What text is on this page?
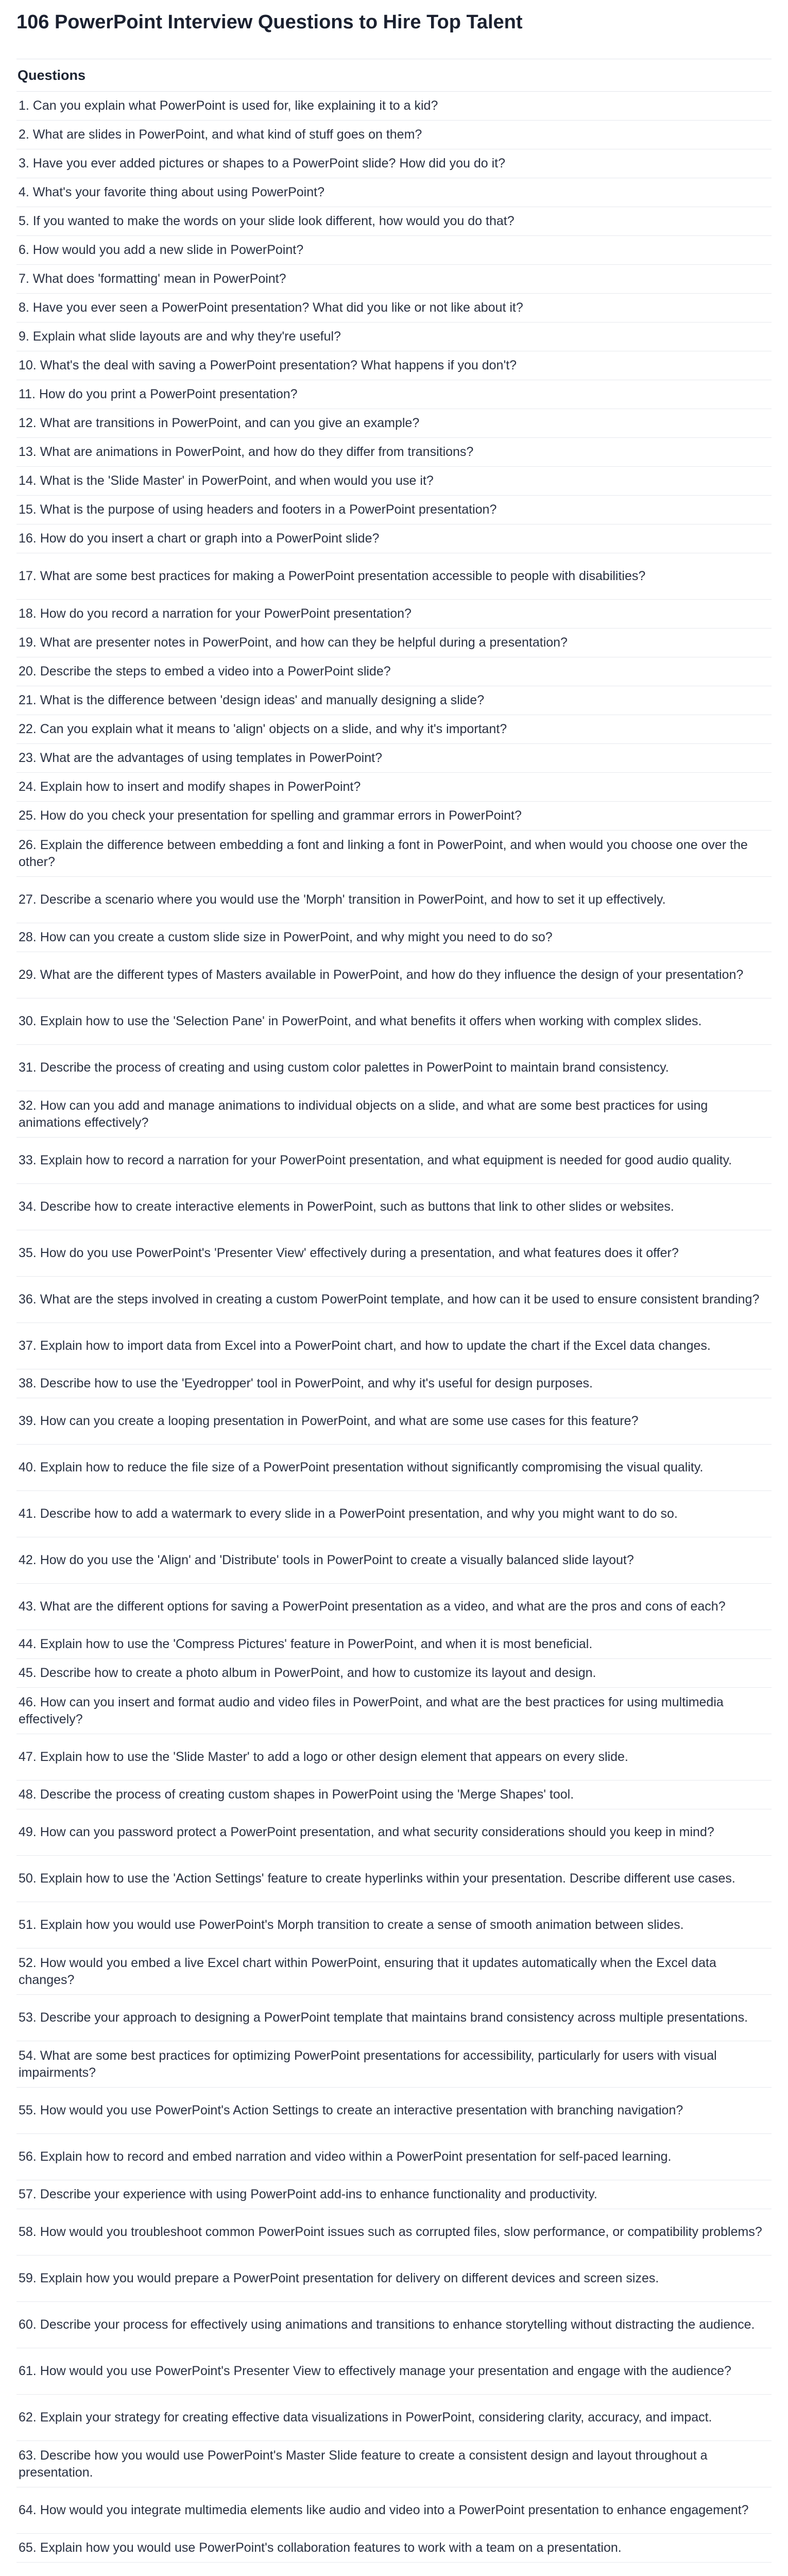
106 PowerPoint Interview Questions to Hire Top Talent
Questions
1. Can you explain what PowerPoint is used for, like explaining it to a kid?
2. What are slides in PowerPoint, and what kind of stuff goes on them?
3. Have you ever added pictures or shapes to a PowerPoint slide? How did you do it?
4. What's your favorite thing about using PowerPoint?
5. If you wanted to make the words on your slide look different, how would you do that?
6. How would you add a new slide in PowerPoint?
7. What does 'formatting' mean in PowerPoint?
8. Have you ever seen a PowerPoint presentation? What did you like or not like about it?
9. Explain what slide layouts are and why they're useful?
10. What's the deal with saving a PowerPoint presentation? What happens if you don't?
11. How do you print a PowerPoint presentation?
12. What are transitions in PowerPoint, and can you give an example?
13. What are animations in PowerPoint, and how do they differ from transitions?
14. What is the 'Slide Master' in PowerPoint, and when would you use it?
15. What is the purpose of using headers and footers in a PowerPoint presentation?
16. How do you insert a chart or graph into a PowerPoint slide?
17. What are some best practices for making a PowerPoint presentation accessible to people with disabilities?
18. How do you record a narration for your PowerPoint presentation?
19. What are presenter notes in PowerPoint, and how can they be helpful during a presentation?
20. Describe the steps to embed a video into a PowerPoint slide?
21. What is the difference between 'design ideas' and manually designing a slide?
22. Can you explain what it means to 'align' objects on a slide, and why it's important?
23. What are the advantages of using templates in PowerPoint?
24. Explain how to insert and modify shapes in PowerPoint?
25. How do you check your presentation for spelling and grammar errors in PowerPoint?
26. Explain the difference between embedding a font and linking a font in PowerPoint, and when would you choose one over the other?
27. Describe a scenario where you would use the 'Morph' transition in PowerPoint, and how to set it up effectively.
28. How can you create a custom slide size in PowerPoint, and why might you need to do so?
29. What are the different types of Masters available in PowerPoint, and how do they influence the design of your presentation?
30. Explain how to use the 'Selection Pane' in PowerPoint, and what benefits it offers when working with complex slides.
31. Describe the process of creating and using custom color palettes in PowerPoint to maintain brand consistency.
32. How can you add and manage animations to individual objects on a slide, and what are some best practices for using animations effectively?
33. Explain how to record a narration for your PowerPoint presentation, and what equipment is needed for good audio quality.
34. Describe how to create interactive elements in PowerPoint, such as buttons that link to other slides or websites.
35. How do you use PowerPoint's 'Presenter View' effectively during a presentation, and what features does it offer?
36. What are the steps involved in creating a custom PowerPoint template, and how can it be used to ensure consistent branding?
37. Explain how to import data from Excel into a PowerPoint chart, and how to update the chart if the Excel data changes.
38. Describe how to use the 'Eyedropper' tool in PowerPoint, and why it's useful for design purposes.
39. How can you create a looping presentation in PowerPoint, and what are some use cases for this feature?
40. Explain how to reduce the file size of a PowerPoint presentation without significantly compromising the visual quality.
41. Describe how to add a watermark to every slide in a PowerPoint presentation, and why you might want to do so.
42. How do you use the 'Align' and 'Distribute' tools in PowerPoint to create a visually balanced slide layout?
43. What are the different options for saving a PowerPoint presentation as a video, and what are the pros and cons of each?
44. Explain how to use the 'Compress Pictures' feature in PowerPoint, and when it is most beneficial.
45. Describe how to create a photo album in PowerPoint, and how to customize its layout and design.
46. How can you insert and format audio and video files in PowerPoint, and what are the best practices for using multimedia effectively?
47. Explain how to use the 'Slide Master' to add a logo or other design element that appears on every slide.
48. Describe the process of creating custom shapes in PowerPoint using the 'Merge Shapes' tool.
49. How can you password protect a PowerPoint presentation, and what security considerations should you keep in mind?
50. Explain how to use the 'Action Settings' feature to create hyperlinks within your presentation. Describe different use cases.
51. Explain how you would use PowerPoint's Morph transition to create a sense of smooth animation between slides.
52. How would you embed a live Excel chart within PowerPoint, ensuring that it updates automatically when the Excel data changes?
53. Describe your approach to designing a PowerPoint template that maintains brand consistency across multiple presentations.
54. What are some best practices for optimizing PowerPoint presentations for accessibility, particularly for users with visual impairments?
55. How would you use PowerPoint's Action Settings to create an interactive presentation with branching navigation?
56. Explain how to record and embed narration and video within a PowerPoint presentation for self-paced learning.
57. Describe your experience with using PowerPoint add-ins to enhance functionality and productivity.
58. How would you troubleshoot common PowerPoint issues such as corrupted files, slow performance, or compatibility problems?
59. Explain how you would prepare a PowerPoint presentation for delivery on different devices and screen sizes.
60. Describe your process for effectively using animations and transitions to enhance storytelling without distracting the audience.
61. How would you use PowerPoint's Presenter View to effectively manage your presentation and engage with the audience?
62. Explain your strategy for creating effective data visualizations in PowerPoint, considering clarity, accuracy, and impact.
63. Describe how you would use PowerPoint's Master Slide feature to create a consistent design and layout throughout a presentation.
64. How would you integrate multimedia elements like audio and video into a PowerPoint presentation to enhance engagement?
65. Explain how you would use PowerPoint's collaboration features to work with a team on a presentation.
